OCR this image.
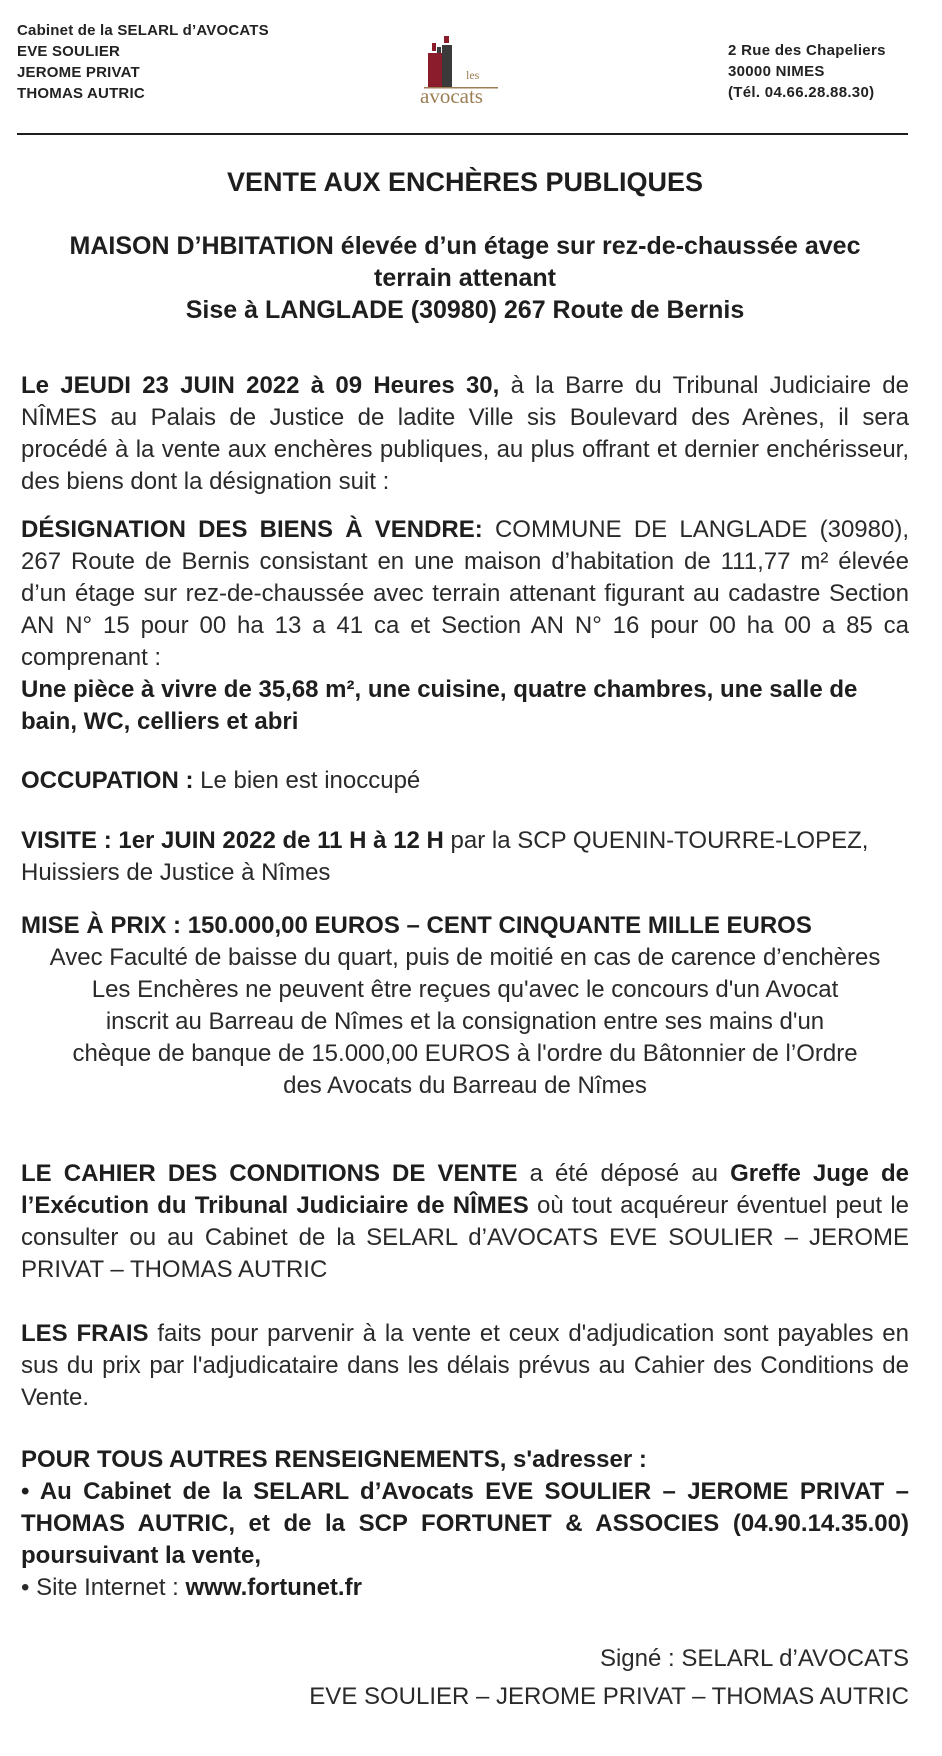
Cabinet de la SELARL d’AVOCATS
EVE SOULIER
JEROME PRIVAT
THOMAS AUTRIC
les
avocats
2 Rue des Chapeliers
30000 NIMES
(Tél. 04.66.28.88.30)
VENTE AUX ENCHÈRES PUBLIQUES
MAISON D’HBITATION élevée d’un étage sur rez-de-chaussée avec
terrain attenant
Sise à LANGLADE (30980) 267 Route de Bernis
Le JEUDI 23 JUIN 2022 à 09 Heures 30, à la Barre du Tribunal Judiciaire de NÎMES au Palais de Justice de ladite Ville sis Boulevard des Arènes, il sera procédé à la vente aux enchères publiques, au plus offrant et dernier enchérisseur, des biens dont la désignation suit :
DÉSIGNATION DES BIENS À VENDRE: COMMUNE DE LANGLADE (30980), 267 Route de Bernis consistant en une maison d’habitation de 111,77 m² élevée d’un étage sur rez-de-chaussée avec terrain attenant figurant au cadastre Section AN N° 15 pour 00 ha 13 a 41 ca et Section AN N° 16 pour 00 ha 00 a 85 ca comprenant :
Une pièce à vivre de 35,68 m², une cuisine, quatre chambres, une salle de bain, WC, celliers et abri
OCCUPATION : Le bien est inoccupé
VISITE : 1er JUIN 2022 de 11 H à 12 H par la SCP QUENIN-TOURRE-LOPEZ,
Huissiers de Justice à Nîmes
MISE À PRIX : 150.000,00 EUROS – CENT CINQUANTE MILLE EUROS
Avec Faculté de baisse du quart, puis de moitié en cas de carence d’enchères
Les Enchères ne peuvent être reçues qu'avec le concours d'un Avocat
inscrit au Barreau de Nîmes et la consignation entre ses mains d'un
chèque de banque de 15.000,00 EUROS à l'ordre du Bâtonnier de l’Ordre
des Avocats du Barreau de Nîmes
LE CAHIER DES CONDITIONS DE VENTE a été déposé au Greffe Juge de l’Exécution du Tribunal Judiciaire de NÎMES où tout acquéreur éventuel peut le consulter ou au Cabinet de la SELARL d’AVOCATS EVE SOULIER – JEROME PRIVAT – THOMAS AUTRIC
LES FRAIS faits pour parvenir à la vente et ceux d'adjudication sont payables en sus du prix par l'adjudicataire dans les délais prévus au Cahier des Conditions de Vente.
POUR TOUS AUTRES RENSEIGNEMENTS, s'adresser :
• Au Cabinet de la SELARL d’Avocats EVE SOULIER – JEROME PRIVAT – THOMAS AUTRIC, et de la SCP FORTUNET & ASSOCIES (04.90.14.35.00) poursuivant la vente,
• Site Internet : www.fortunet.fr
Signé : SELARL d’AVOCATS
EVE SOULIER – JEROME PRIVAT – THOMAS AUTRIC
